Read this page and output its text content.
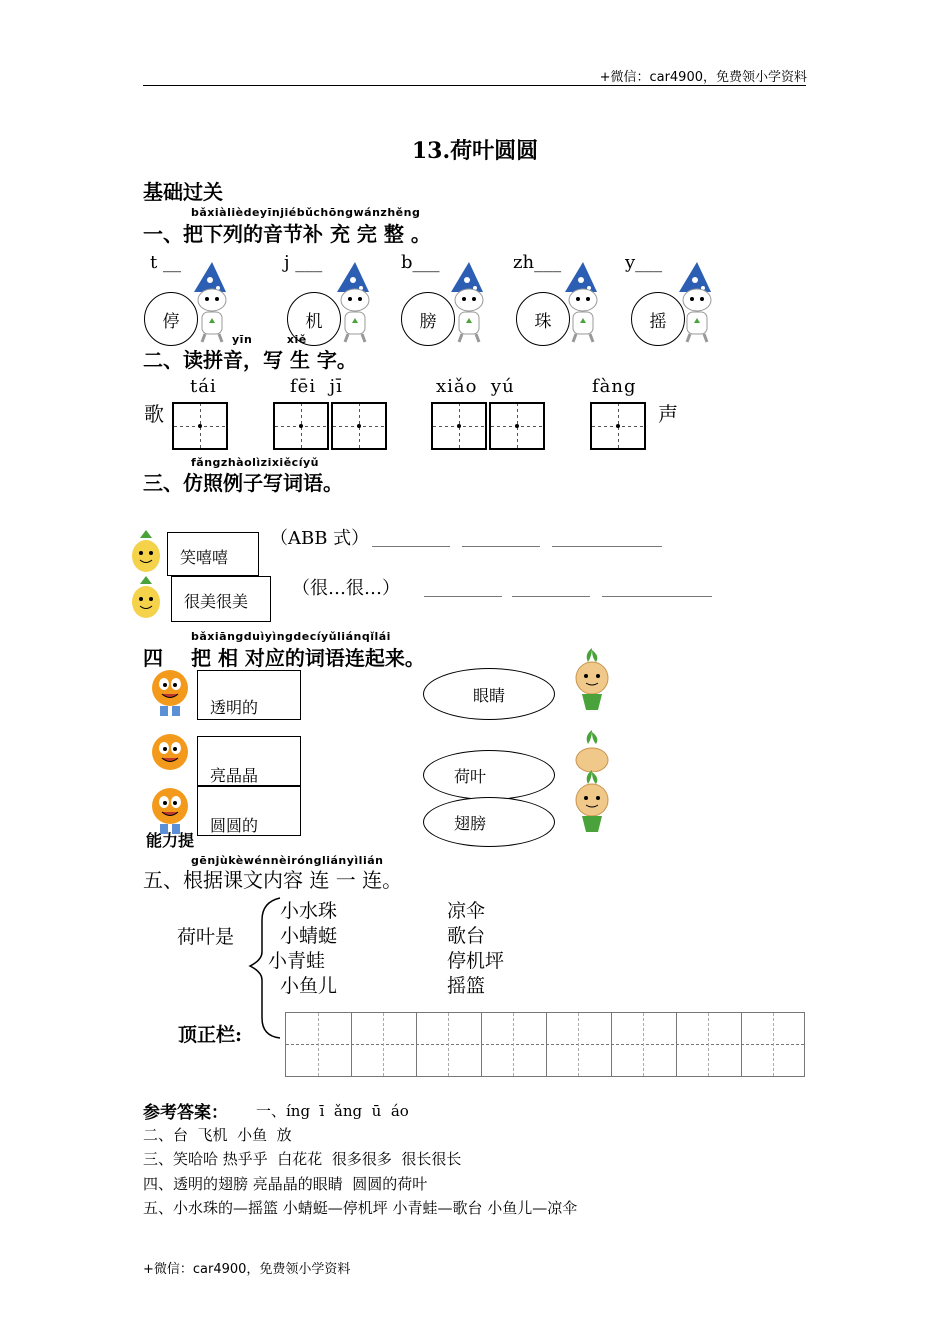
+微信：car4900，免费领小学资料
13.荷叶圆圆
基础过关
bǎxiàlièdeyīnjiébǔchōngwánzhěng
一、把下列的音节补 充 完 整 。
t __	j ___	b___	zh___	y___
停	机	膀	珠	摇
yīn        xiě
二、读拼音，写 生 字。
tái	fēi  jī	xiǎo  yú	fàng
歌	声
fǎngzhàolìzixiěcíyǔ
三、仿照例子写词语。
笑嘻嘻
很美很美
（ABB 式）
（很…很…）
bǎxiāngduìyìngdecíyǔliánqǐlái
四 把 相 对应的词语连起来。
能力提
透明的
亮晶晶
圆圆的
眼睛
荷叶
翅膀
gēnjùkèwénnèiróngliányìlián
五、根据课文内容 连 一 连。
荷叶是
小水珠
小蜻蜓
小青蛙
小鱼儿
凉伞
歌台
停机坪
摇篮
顶正栏:
参考答案： 一、íng  ī  ǎng  ū  áo
二、台  飞机  小鱼  放
三、笑哈哈 热乎乎  白花花  很多很多  很长很长
四、透明的翅膀 亮晶晶的眼睛  圆圆的荷叶
五、小水珠的—摇篮 小蜻蜓—停机坪 小青蛙—歌台 小鱼儿—凉伞
+微信：car4900，免费领小学资料
